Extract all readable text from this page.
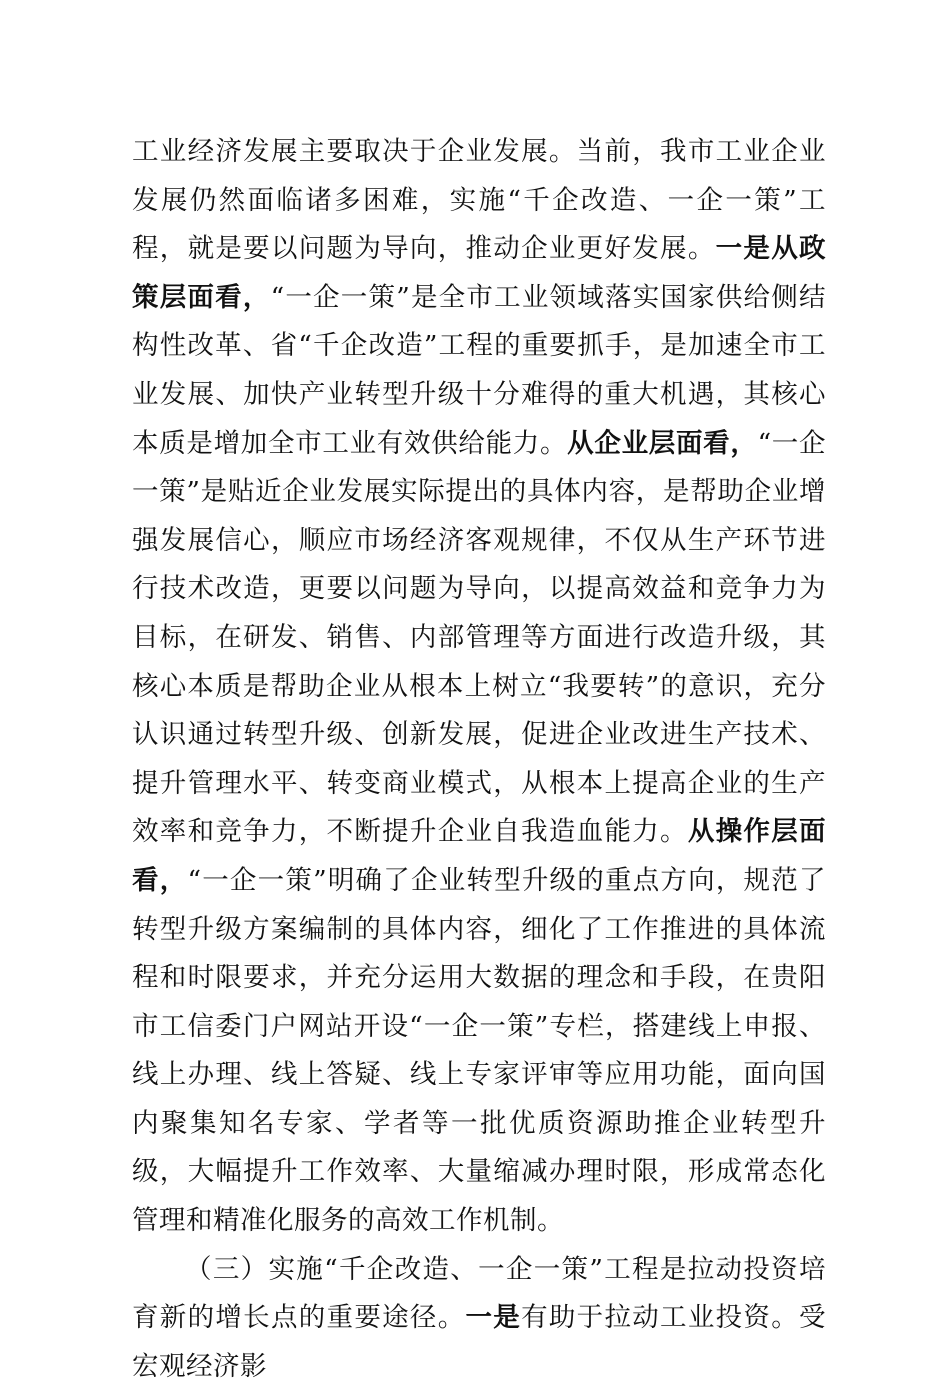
工业经济发展主要取决于企业发展。当前，我市工业企业发展仍然面临诸多困难，实施“千企改造、一企一策”工程，就是要以问题为导向，推动企业更好发展。一是从政策层面看，“一企一策”是全市工业领域落实国家供给侧结构性改革、省“千企改造”工程的重要抓手，是加速全市工业发展、加快产业转型升级十分难得的重大机遇，其核心本质是增加全市工业有效供给能力。从企业层面看，“一企一策”是贴近企业发展实际提出的具体内容，是帮助企业增强发展信心，顺应市场经济客观规律，不仅从生产环节进行技术改造，更要以问题为导向，以提高效益和竞争力为目标，在研发、销售、内部管理等方面进行改造升级，其核心本质是帮助企业从根本上树立“我要转”的意识，充分认识通过转型升级、创新发展，促进企业改进生产技术、提升管理水平、转变商业模式，从根本上提高企业的生产效率和竞争力，不断提升企业自我造血能力。从操作层面看，“一企一策”明确了企业转型升级的重点方向，规范了转型升级方案编制的具体内容，细化了工作推进的具体流程和时限要求，并充分运用大数据的理念和手段，在贵阳市工信委门户网站开设“一企一策”专栏，搭建线上申报、线上办理、线上答疑、线上专家评审等应用功能，面向国内聚集知名专家、学者等一批优质资源助推企业转型升级，大幅提升工作效率、大量缩减办理时限，形成常态化管理和精准化服务的高效工作机制。

（三）实施“千企改造、一企一策”工程是拉动投资培育新的增长点的重要途径。一是有助于拉动工业投资。受宏观经济影
